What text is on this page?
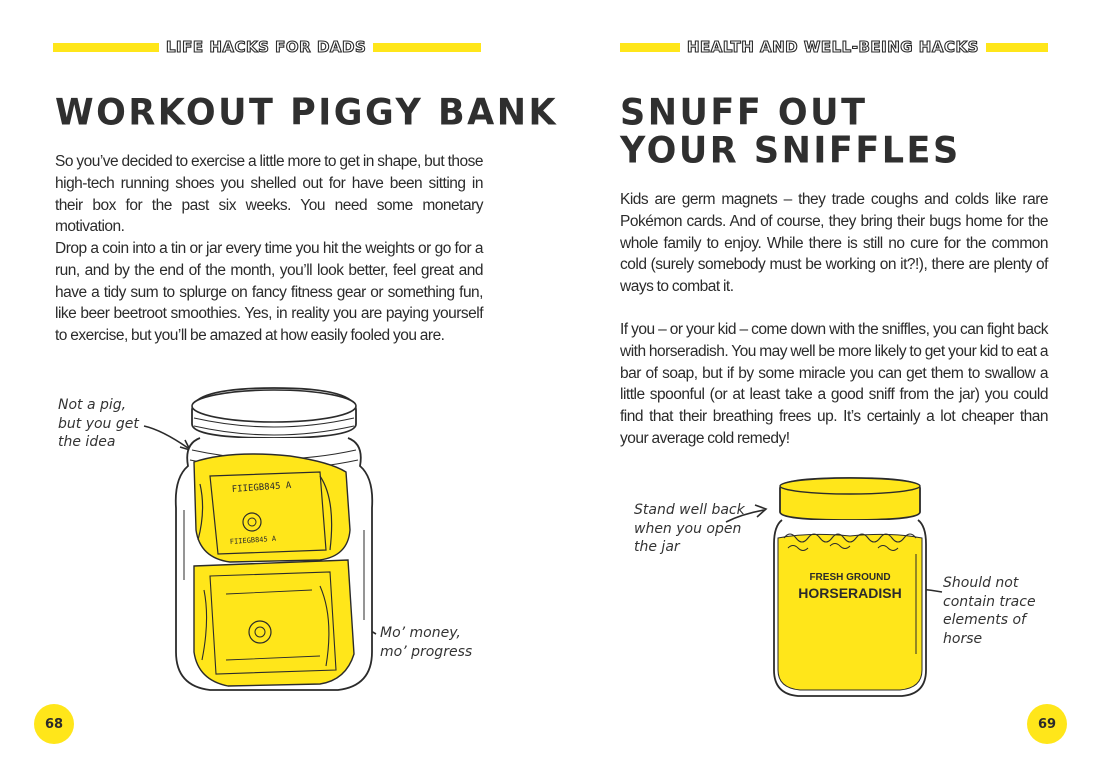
LIFE HACKS FOR DADS
WORKOUT PIGGY BANK

So you’ve decided to exercise a little more to get in shape, but those high-tech running shoes you shelled out for have been sitting in their box for the past six weeks. You need some monetary motivation.

Drop a coin into a tin or jar every time you hit the weights or go for a run, and by the end of the month, you’ll look better, feel great and have a tidy sum to splurge on fancy fitness gear or something fun, like beer beetroot smoothies. Yes, in reality you are paying yourself to exercise, but you’ll be amazed at how easily fooled you are.

Not a pig, but you get the idea

Mo’ money, mo’ progress

FIIEGB845 A
FIIEGB845 A
68
HEALTH AND WELL-BEING HACKS
SNUFF OUT
YOUR SNIFFLES

Kids are germ magnets – they trade coughs and colds like rare Pokémon cards. And of course, they bring their bugs home for the whole family to enjoy. While there is still no cure for the common cold (surely somebody must be working on it?!), there are plenty of ways to combat it.

If you – or your kid – come down with the sniffles, you can fight back with horseradish. You may well be more likely to get your kid to eat a bar of soap, but if by some miracle you can get them to swallow a little spoonful (or at least take a good sniff from the jar) you could find that their breathing frees up. It’s certainly a lot cheaper than your average cold remedy!

Stand well back when you open the jar

Should not contain trace elements of horse

FRESH GROUND
HORSERADISH
69
